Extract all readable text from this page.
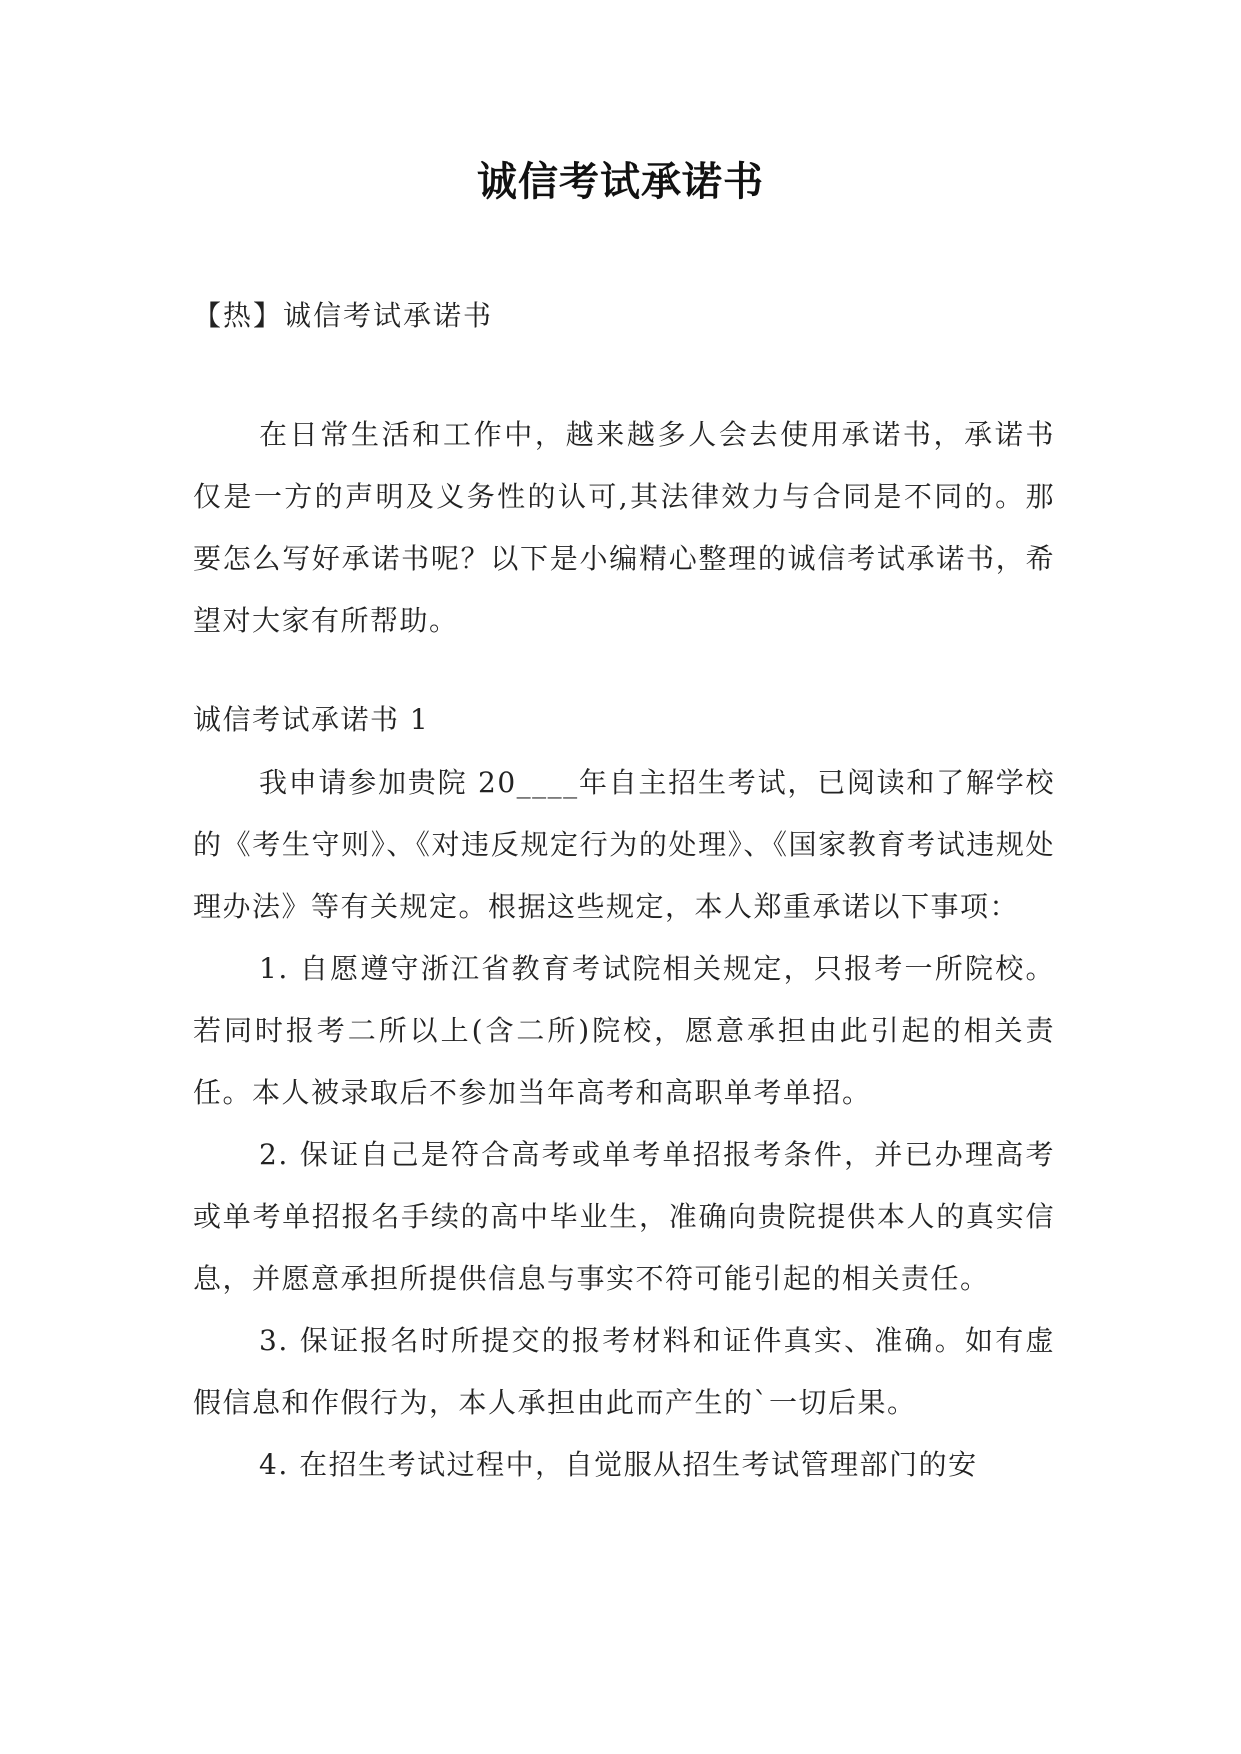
诚信考试承诺书
【热】诚信考试承诺书
在日常生活和工作中，越来越多人会去使用承诺书，承诺书仅是一方的声明及义务性的认可,其法律效力与合同是不同的。那要怎么写好承诺书呢？以下是小编精心整理的诚信考试承诺书，希望对大家有所帮助。
诚信考试承诺书 1

我申请参加贵院 20____年自主招生考试，已阅读和了解学校的《考生守则》、《对违反规定行为的处理》、《国家教育考试违规处理办法》等有关规定。根据这些规定，本人郑重承诺以下事项：

1. 自愿遵守浙江省教育考试院相关规定，只报考一所院校。若同时报考二所以上(含二所)院校，愿意承担由此引起的相关责任。本人被录取后不参加当年高考和高职单考单招。

2. 保证自己是符合高考或单考单招报考条件，并已办理高考或单考单招报名手续的高中毕业生，准确向贵院提供本人的真实信息，并愿意承担所提供信息与事实不符可能引起的相关责任。

3. 保证报名时所提交的报考材料和证件真实、准确。如有虚假信息和作假行为，本人承担由此而产生的`一切后果。

4. 在招生考试过程中，自觉服从招生考试管理部门的安
